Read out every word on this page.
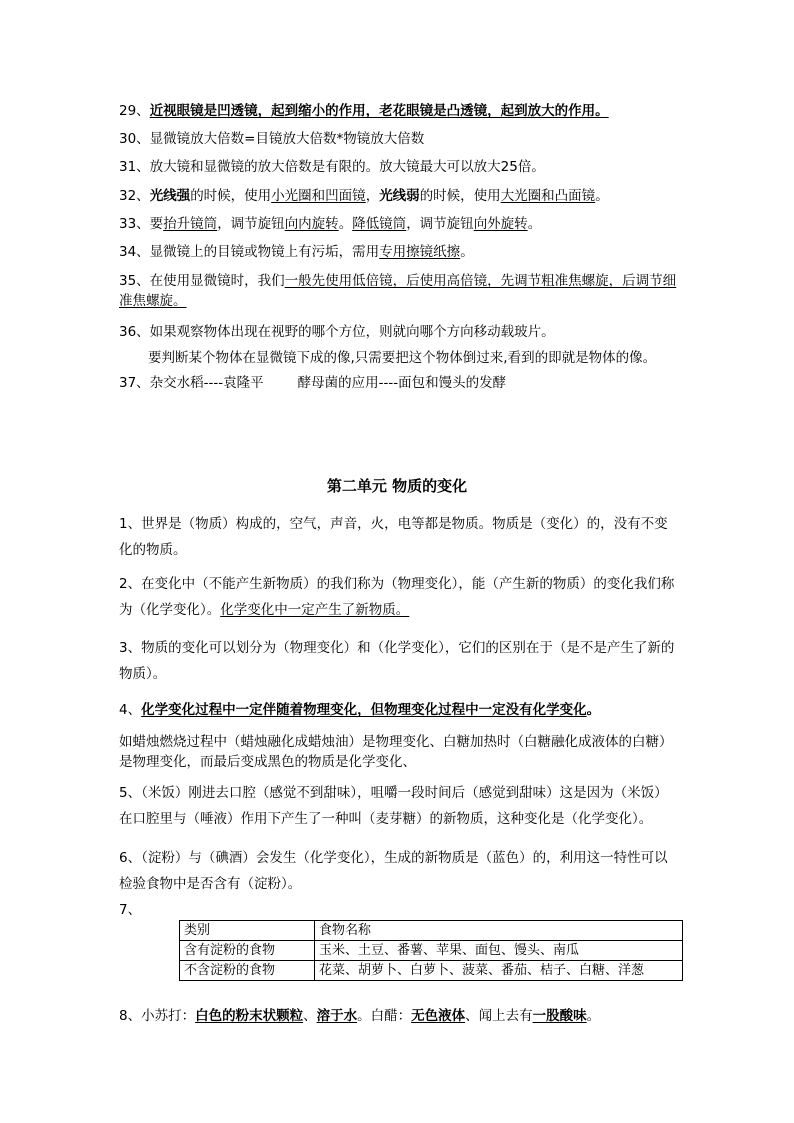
29、近视眼镜是凹透镜，起到缩小的作用，老花眼镜是凸透镜，起到放大的作用。
30、显微镜放大倍数=目镜放大倍数*物镜放大倍数
31、放大镜和显微镜的放大倍数是有限的。放大镜最大可以放大25倍。
32、光线强的时候，使用小光圈和凹面镜，光线弱的时候，使用大光圈和凸面镜。
33、要抬升镜筒，调节旋钮向内旋转。降低镜筒，调节旋钮向外旋转。
34、显微镜上的目镜或物镜上有污垢，需用专用擦镜纸擦。
35、在使用显微镜时，我们一般先使用低倍镜，后使用高倍镜，先调节粗准焦螺旋，后调节细准焦螺旋。
36、如果观察物体出现在视野的哪个方位，则就向哪个方向移动载玻片。
要判断某个物体在显微镜下成的像,只需要把这个物体倒过来,看到的即就是物体的像。
37、杂交水稻----袁隆平	酵母菌的应用----面包和馒头的发酵
第二单元 物质的变化
1、世界是（物质）构成的，空气，声音，火，电等都是物质。物质是（变化）的，没有不变化的物质。
2、在变化中（不能产生新物质）的我们称为（物理变化），能（产生新的物质）的变化我们称为（化学变化）。化学变化中一定产生了新物质。
3、物质的变化可以划分为（物理变化）和（化学变化），它们的区别在于（是不是产生了新的物质）。
4、化学变化过程中一定伴随着物理变化，但物理变化过程中一定没有化学变化。
如蜡烛燃烧过程中（蜡烛融化成蜡烛油）是物理变化、白糖加热时（白糖融化成液体的白糖）是物理变化，而最后变成黑色的物质是化学变化、
5、（米饭）刚进去口腔（感觉不到甜味），咀嚼一段时间后（感觉到甜味）这是因为（米饭）在口腔里与（唾液）作用下产生了一种叫（麦芽糖）的新物质，这种变化是（化学变化）。
6、（淀粉）与（碘酒）会发生（化学变化），生成的新物质是（蓝色）的，利用这一特性可以检验食物中是否含有（淀粉）。
7、
类别	食物名称
含有淀粉的食物	玉米、土豆、番薯、苹果、面包、馒头、南瓜
不含淀粉的食物	花菜、胡萝卜、白萝卜、菠菜、番茄、桔子、白糖、洋葱
8、小苏打：白色的粉末状颗粒、溶于水。白醋：无色液体、闻上去有一股酸味。
